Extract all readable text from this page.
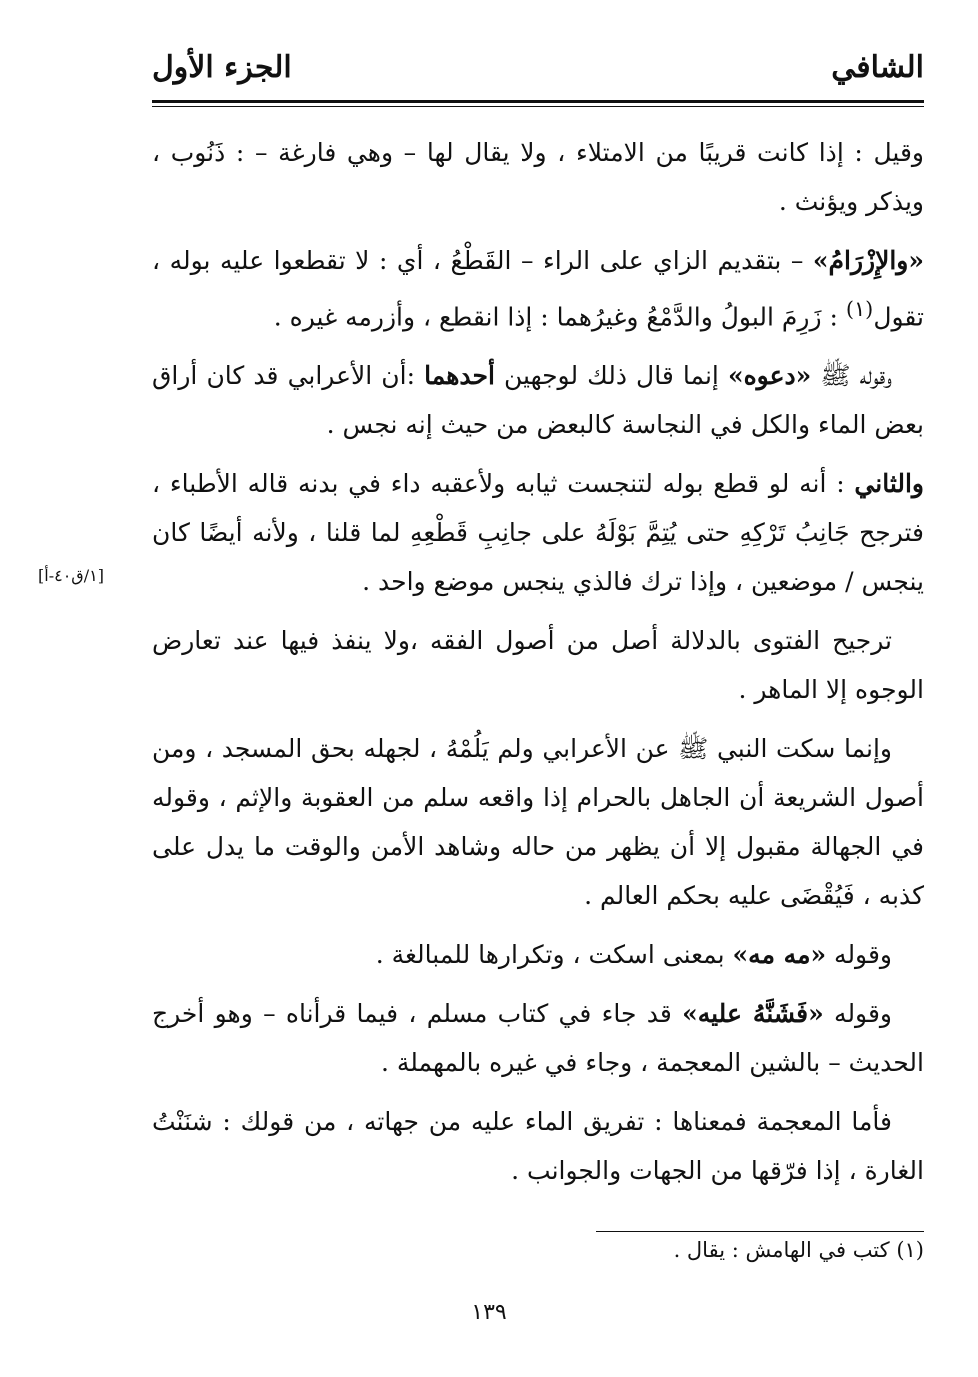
الشافي
الجزء الأول

وقيل : إذا كانت قريبًا من الامتلاء ، ولا يقال لها – وهي فارغة – : ذَنُوب ، ويذكر ويؤنث .

«والإِزْرَامُ» – بتقديم الزاي على الراء – القَطْعُ ، أي : لا تقطعوا عليه بوله ، تقول$^{(١)}$ : زَرِمَ البولُ والدَّمْعُ وغيرُهما : إذا انقطع ، وأزرمه غيره .

وقوله ﷺ «دعوه» إنما قال ذلك لوجهين أحدهما :أن الأعرابي قد كان أراق بعض الماء والكل في النجاسة كالبعض من حيث إنه نجس .

والثاني : أنه لو قطع بوله لتنجست ثيابه ولأعقبه داء في بدنه قاله الأطباء ، فترجح جَانِبُ تَرْكِهِ حتى يُتِمَّ بَوْلَهُ على جانِبِ قَطْعِهِ لما قلنا ، ولأنه أيضًا كان ينجس / موضعين ، وإذا ترك فالذي ينجس موضع واحد .

ترجيح الفتوى بالدلالة أصل من أصول الفقه ،ولا ينفذ فيها عند تعارض الوجوه إلا الماهر .

وإنما سكت النبي ﷺ عن الأعرابي ولم يَلُمْهُ ، لجهله بحق المسجد ، ومن أصول الشريعة أن الجاهل بالحرام إذا واقعه سلم من العقوبة والإثم ، وقوله في الجهالة مقبول إلا أن يظهر من حاله وشاهد الأمن والوقت ما يدل على كذبه ، فَيُقْضَى عليه بحكم العالم .

وقوله «مه مه» بمعنى اسكت ، وتكرارها للمبالغة .

وقوله «فَشَنَّهُ عليه» قد جاء في كتاب مسلم ، فيما قرأناه – وهو أخرج الحديث – بالشين المعجمة ، وجاء في غيره بالمهملة .

فأما المعجمة فمعناها : تفريق الماء عليه من جهاته ، من قولك : شنَنْتُ الغارة ، إذا فرّقها من الجهات والجوانب .

[١/ق٤٠-أ]
(١) كتب في الهامش : يقال .
١٣٩
